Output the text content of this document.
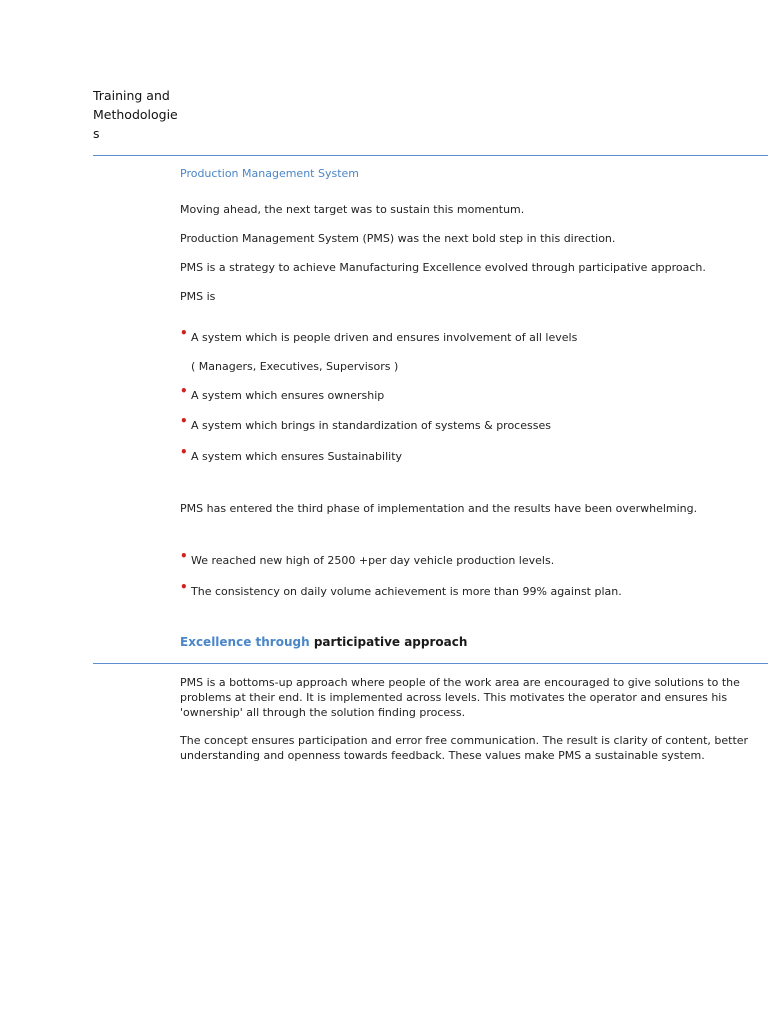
Training and Methodologie s
Production Management System
Moving ahead, the next target was to sustain this momentum.
Production Management System (PMS) was the next bold step in this direction.
PMS is a strategy to achieve Manufacturing Excellence evolved through participative approach.
PMS is
• A system which is people driven and ensures involvement of all levels
( Managers, Executives, Supervisors )
• A system which ensures ownership
• A system which brings in standardization of systems & processes
• A system which ensures Sustainability
PMS has entered the third phase of implementation and the results have been overwhelming.
• We reached new high of 2500 +per day vehicle production levels.
• The consistency on daily volume achievement is more than 99% against plan.
Excellence through participative approach
PMS is a bottoms-up approach where people of the work area are encouraged to give solutions to the problems at their end. It is implemented across levels. This motivates the operator and ensures his 'ownership' all through the solution finding process.
The concept ensures participation and error free communication. The result is clarity of content, better understanding and openness towards feedback. These values make PMS a sustainable system.
